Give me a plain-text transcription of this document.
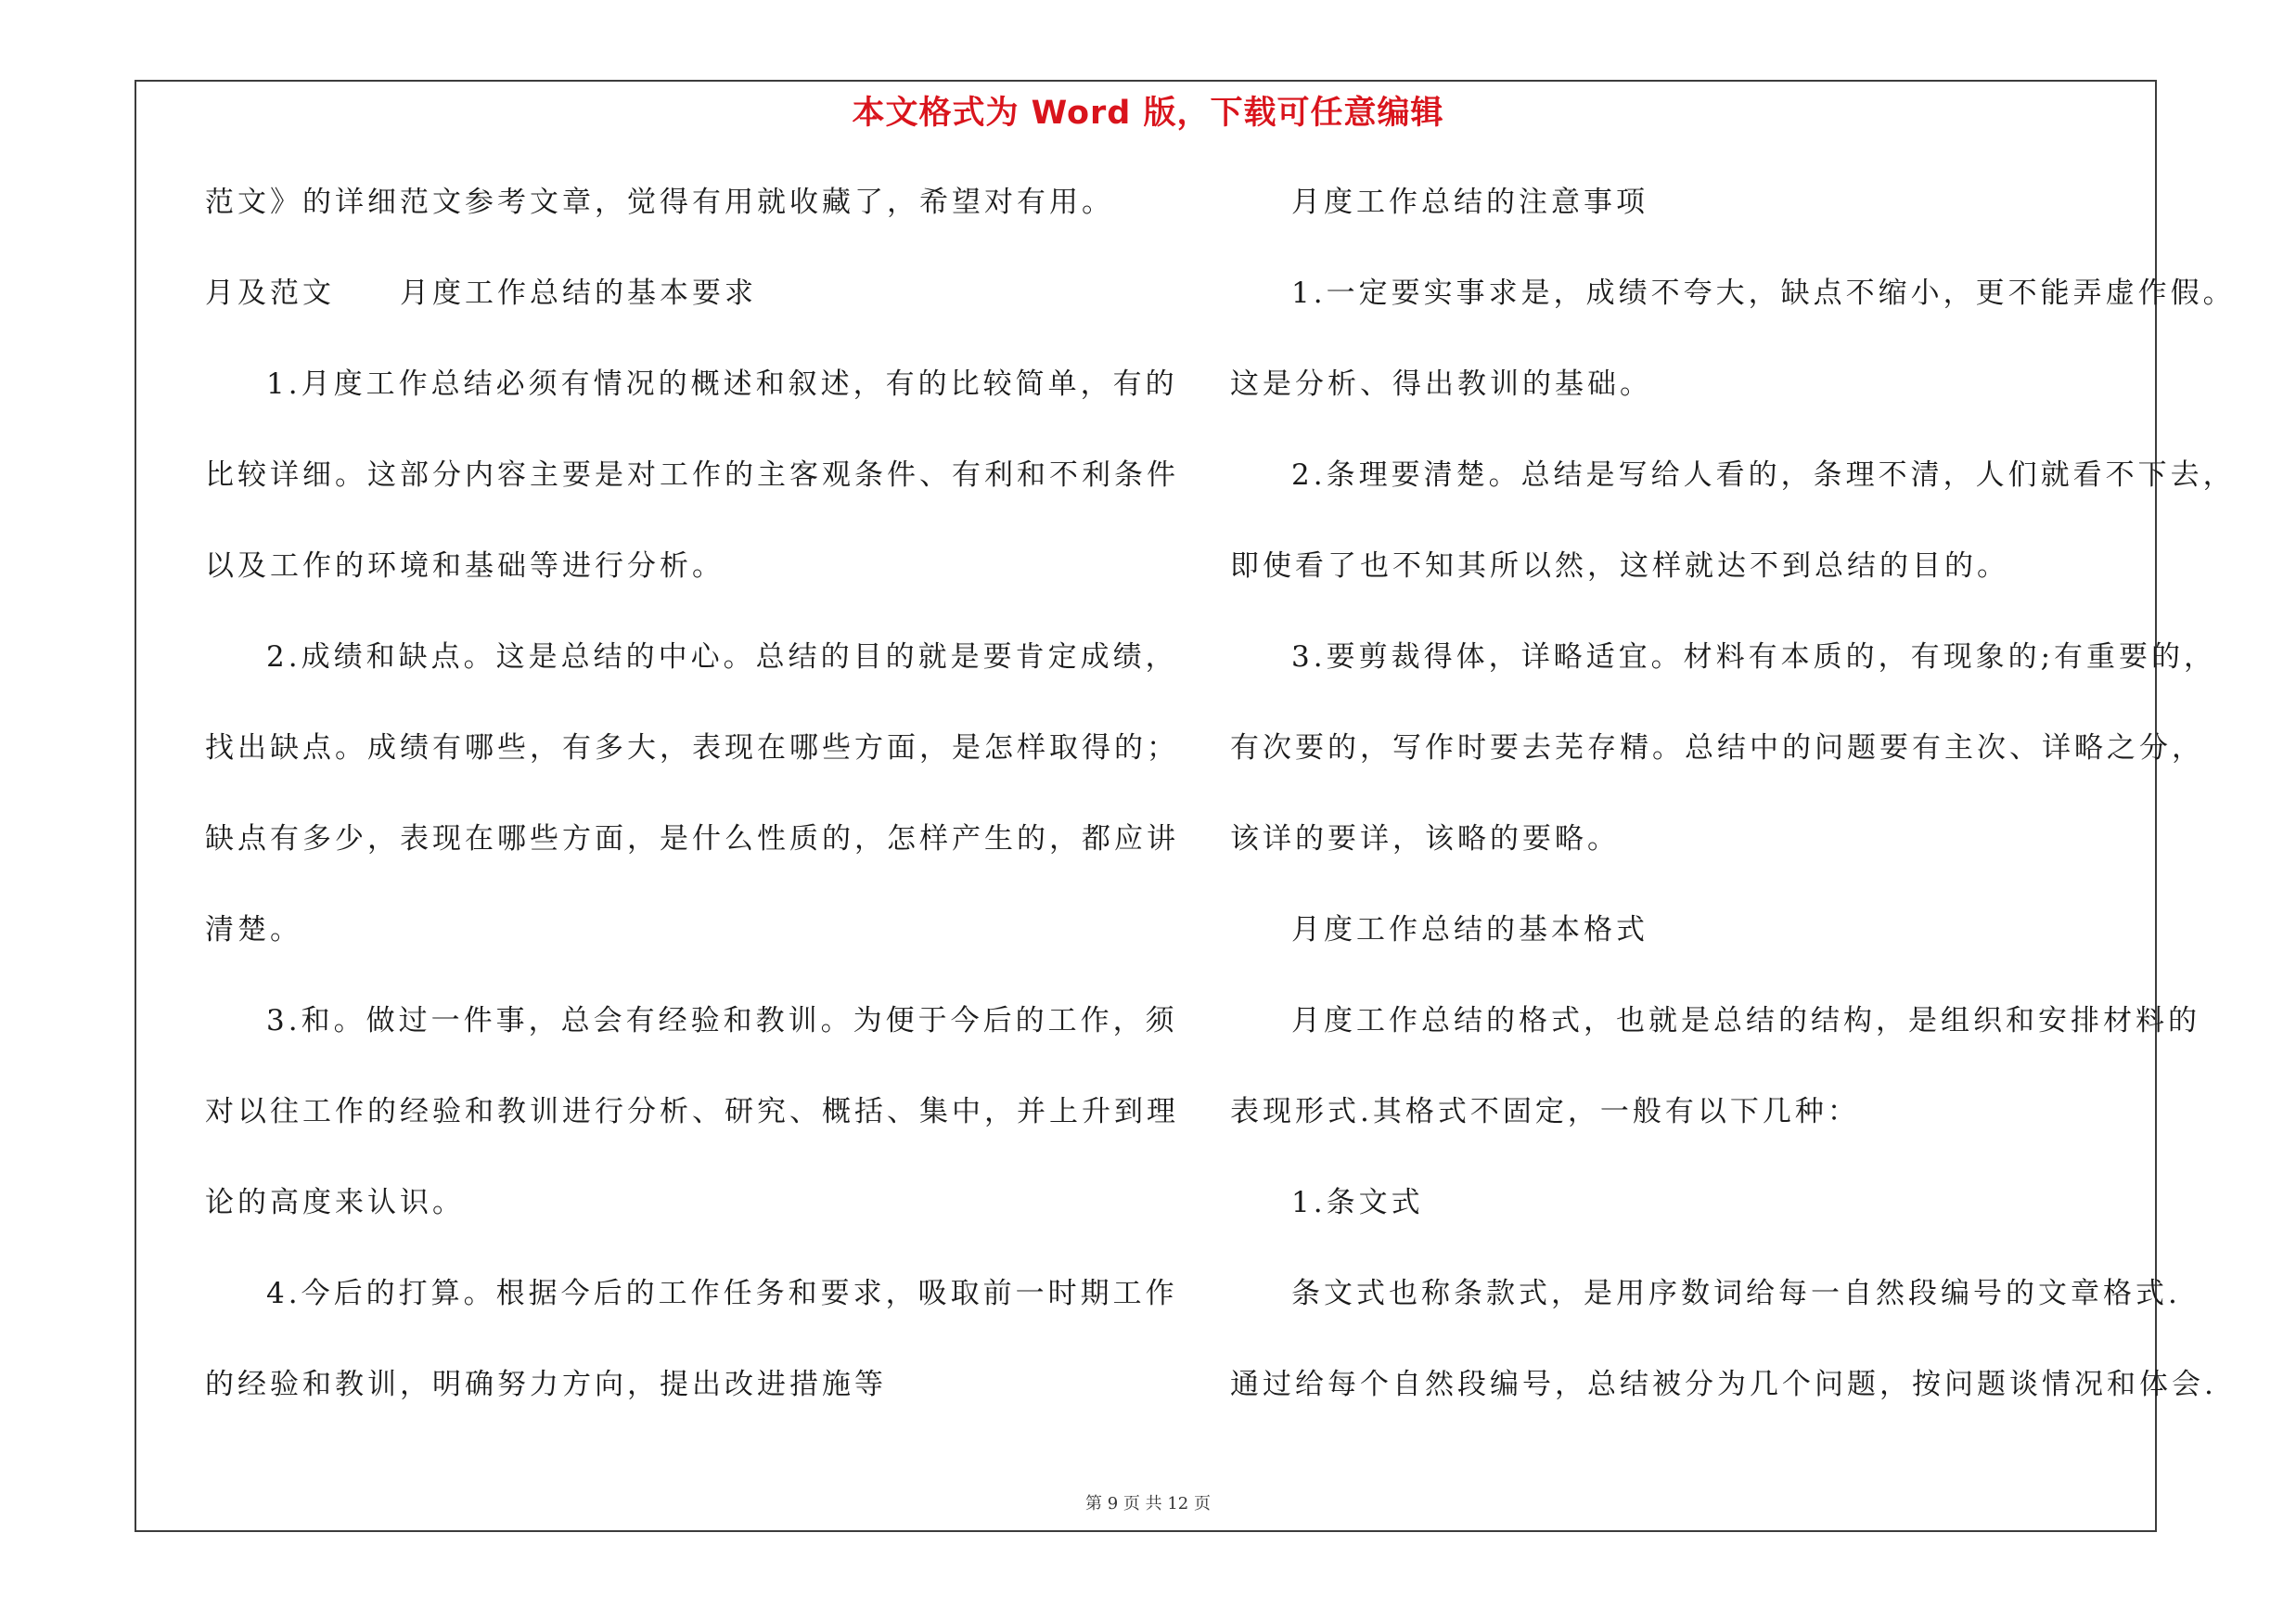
本文格式为 Word 版，下载可任意编辑
范文》的详细范文参考文章，觉得有用就收藏了，希望对有用。
月及范文　　月度工作总结的基本要求
1.月度工作总结必须有情况的概述和叙述，有的比较简单，有的
比较详细。这部分内容主要是对工作的主客观条件、有利和不利条件
以及工作的环境和基础等进行分析。
2.成绩和缺点。这是总结的中心。总结的目的就是要肯定成绩，
找出缺点。成绩有哪些，有多大，表现在哪些方面，是怎样取得的；
缺点有多少，表现在哪些方面，是什么性质的，怎样产生的，都应讲
清楚。
3.和。做过一件事，总会有经验和教训。为便于今后的工作，须
对以往工作的经验和教训进行分析、研究、概括、集中，并上升到理
论的高度来认识。
4.今后的打算。根据今后的工作任务和要求，吸取前一时期工作
的经验和教训，明确努力方向，提出改进措施等
月度工作总结的注意事项
1.一定要实事求是，成绩不夸大，缺点不缩小，更不能弄虚作假。
这是分析、得出教训的基础。
2.条理要清楚。总结是写给人看的，条理不清，人们就看不下去，
即使看了也不知其所以然，这样就达不到总结的目的。
3.要剪裁得体，详略适宜。材料有本质的，有现象的;有重要的，
有次要的，写作时要去芜存精。总结中的问题要有主次、详略之分，
该详的要详，该略的要略。
月度工作总结的基本格式
月度工作总结的格式，也就是总结的结构，是组织和安排材料的
表现形式.其格式不固定，一般有以下几种：
1.条文式
条文式也称条款式，是用序数词给每一自然段编号的文章格式.
通过给每个自然段编号，总结被分为几个问题，按问题谈情况和体会.
第 9 页 共 12 页
